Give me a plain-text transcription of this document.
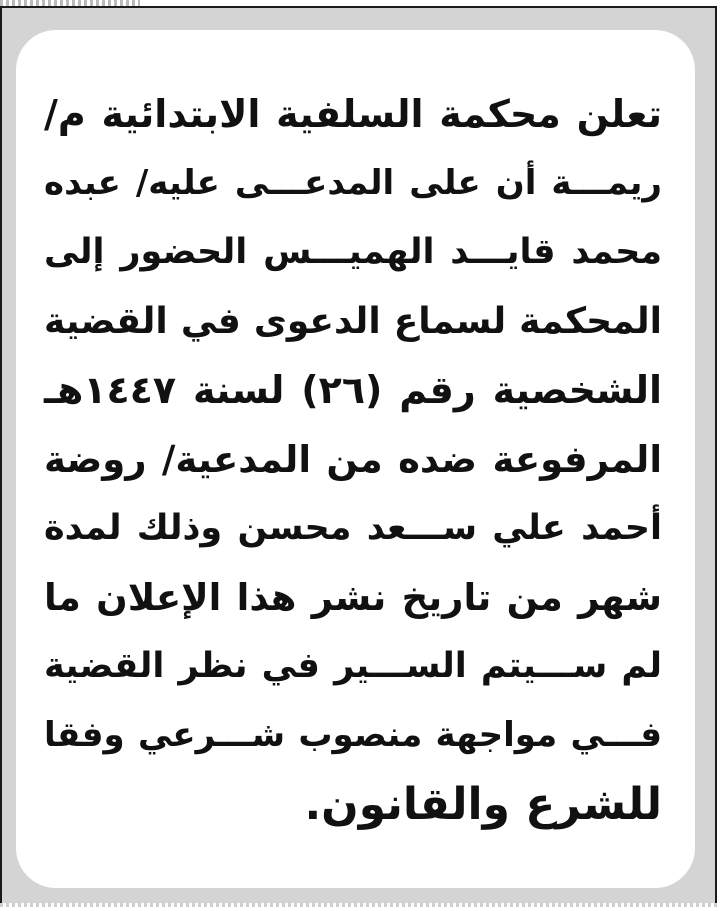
تعلن محكمة السلفية الابتدائية م/
ريمـــة أن على المدعـــى عليه/ عبده
محمد قايـــد الهميـــس الحضور إلى
المحكمة لسماع الدعوى في القضية
الشخصية رقم (٢٦) لسنة ١٤٤٧هـ
المرفوعة ضده من المدعية/ روضة
أحمد علي ســـعد محسن وذلك لمدة
شهر من تاريخ نشر هذا الإعلان ما
لم ســـيتم الســـير في نظر القضية
فـــي مواجهة منصوب شـــرعي وفقا
للشرع والقانون.
